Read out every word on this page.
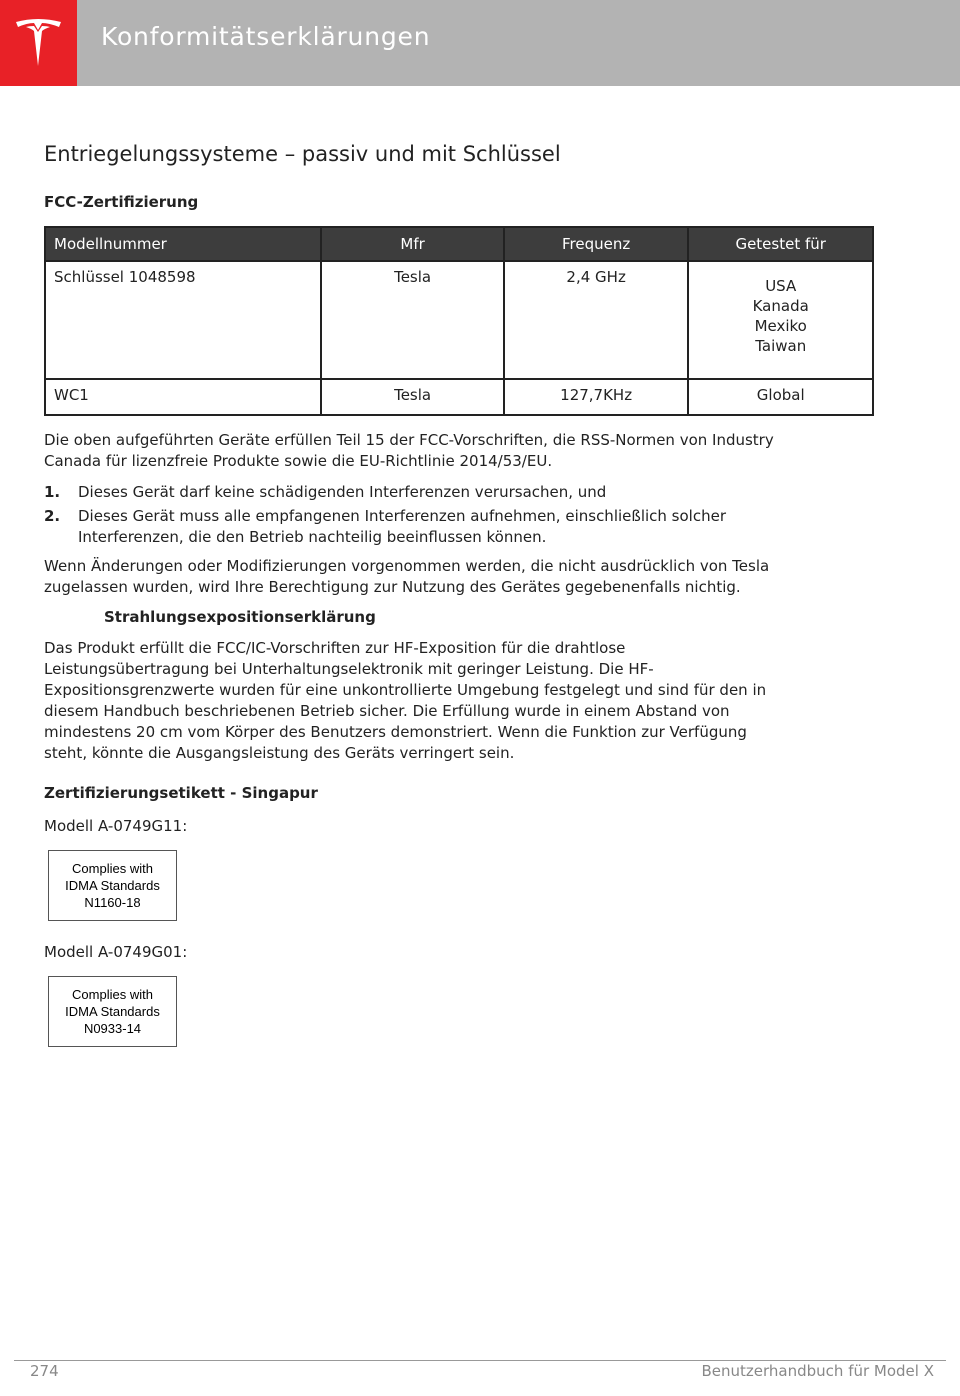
Konformitätserklärungen
Entriegelungssysteme – passiv und mit Schlüssel
FCC-Zertifizierung
Modellnummer	Mfr	Frequenz	Getestet für
Schlüssel 1048598	Tesla	2,4 GHz	USA
Kanada
Mexiko
Taiwan

WC1	Tesla	127,7KHz	Global
Die oben aufgeführten Geräte erfüllen Teil 15 der FCC-Vorschriften, die RSS-Normen von Industry
Canada für lizenzfreie Produkte sowie die EU-Richtlinie 2014/53/EU.
1. Dieses Gerät darf keine schädigenden Interferenzen verursachen, und
2. Dieses Gerät muss alle empfangenen Interferenzen aufnehmen, einschließlich solcher
Interferenzen, die den Betrieb nachteilig beeinflussen können.
Wenn Änderungen oder Modifizierungen vorgenommen werden, die nicht ausdrücklich von Tesla
zugelassen wurden, wird Ihre Berechtigung zur Nutzung des Gerätes gegebenenfalls nichtig.
Strahlungsexpositionserklärung
Das Produkt erfüllt die FCC/IC-Vorschriften zur HF-Exposition für die drahtlose
Leistungsübertragung bei Unterhaltungselektronik mit geringer Leistung. Die HF-
Expositionsgrenzwerte wurden für eine unkontrollierte Umgebung festgelegt und sind für den in
diesem Handbuch beschriebenen Betrieb sicher. Die Erfüllung wurde in einem Abstand von
mindestens 20 cm vom Körper des Benutzers demonstriert. Wenn die Funktion zur Verfügung
steht, könnte die Ausgangsleistung des Geräts verringert sein.
Zertifizierungsetikett - Singapur
Modell A-0749G11:
Complies with
IDMA Standards
N1160-18
Modell A-0749G01:
Complies with
IDMA Standards
N0933-14
274	Benutzerhandbuch für Model X
